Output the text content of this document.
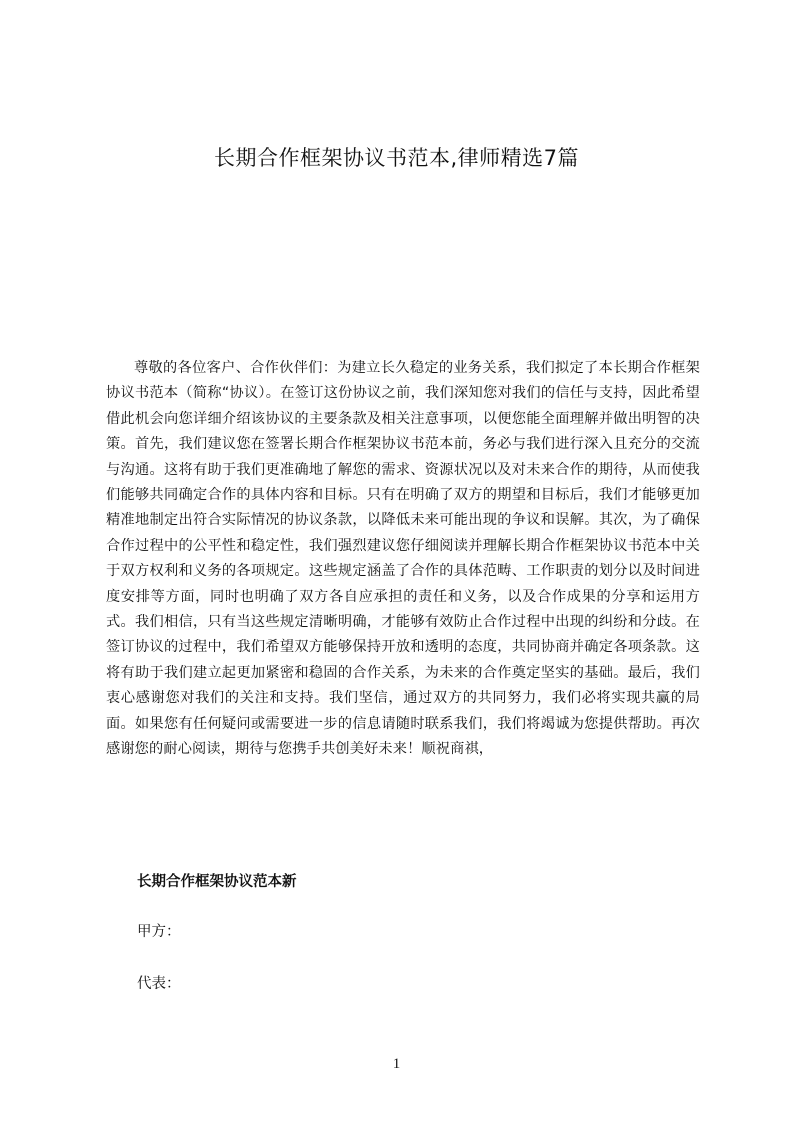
长期合作框架协议书范本,律师精选7篇

尊敬的各位客户、合作伙伴们：为建立长久稳定的业务关系，我们拟定了本长期合作框架协议书范本（简称“协议）。在签订这份协议之前，我们深知您对我们的信任与支持，因此希望借此机会向您详细介绍该协议的主要条款及相关注意事项，以便您能全面理解并做出明智的决策。首先，我们建议您在签署长期合作框架协议书范本前，务必与我们进行深入且充分的交流与沟通。这将有助于我们更准确地了解您的需求、资源状况以及对未来合作的期待，从而使我们能够共同确定合作的具体内容和目标。只有在明确了双方的期望和目标后，我们才能够更加精准地制定出符合实际情况的协议条款，以降低未来可能出现的争议和误解。其次，为了确保合作过程中的公平性和稳定性，我们强烈建议您仔细阅读并理解长期合作框架协议书范本中关于双方权利和义务的各项规定。这些规定涵盖了合作的具体范畴、工作职责的划分以及时间进度安排等方面，同时也明确了双方各自应承担的责任和义务，以及合作成果的分享和运用方式。我们相信，只有当这些规定清晰明确，才能够有效防止合作过程中出现的纠纷和分歧。在签订协议的过程中，我们希望双方能够保持开放和透明的态度，共同协商并确定各项条款。这将有助于我们建立起更加紧密和稳固的合作关系，为未来的合作奠定坚实的基础。最后，我们衷心感谢您对我们的关注和支持。我们坚信，通过双方的共同努力，我们必将实现共赢的局面。如果您有任何疑问或需要进一步的信息请随时联系我们，我们将竭诚为您提供帮助。再次感谢您的耐心阅读，期待与您携手共创美好未来！顺祝商祺，

长期合作框架协议范本新

甲方：

代表：

1
